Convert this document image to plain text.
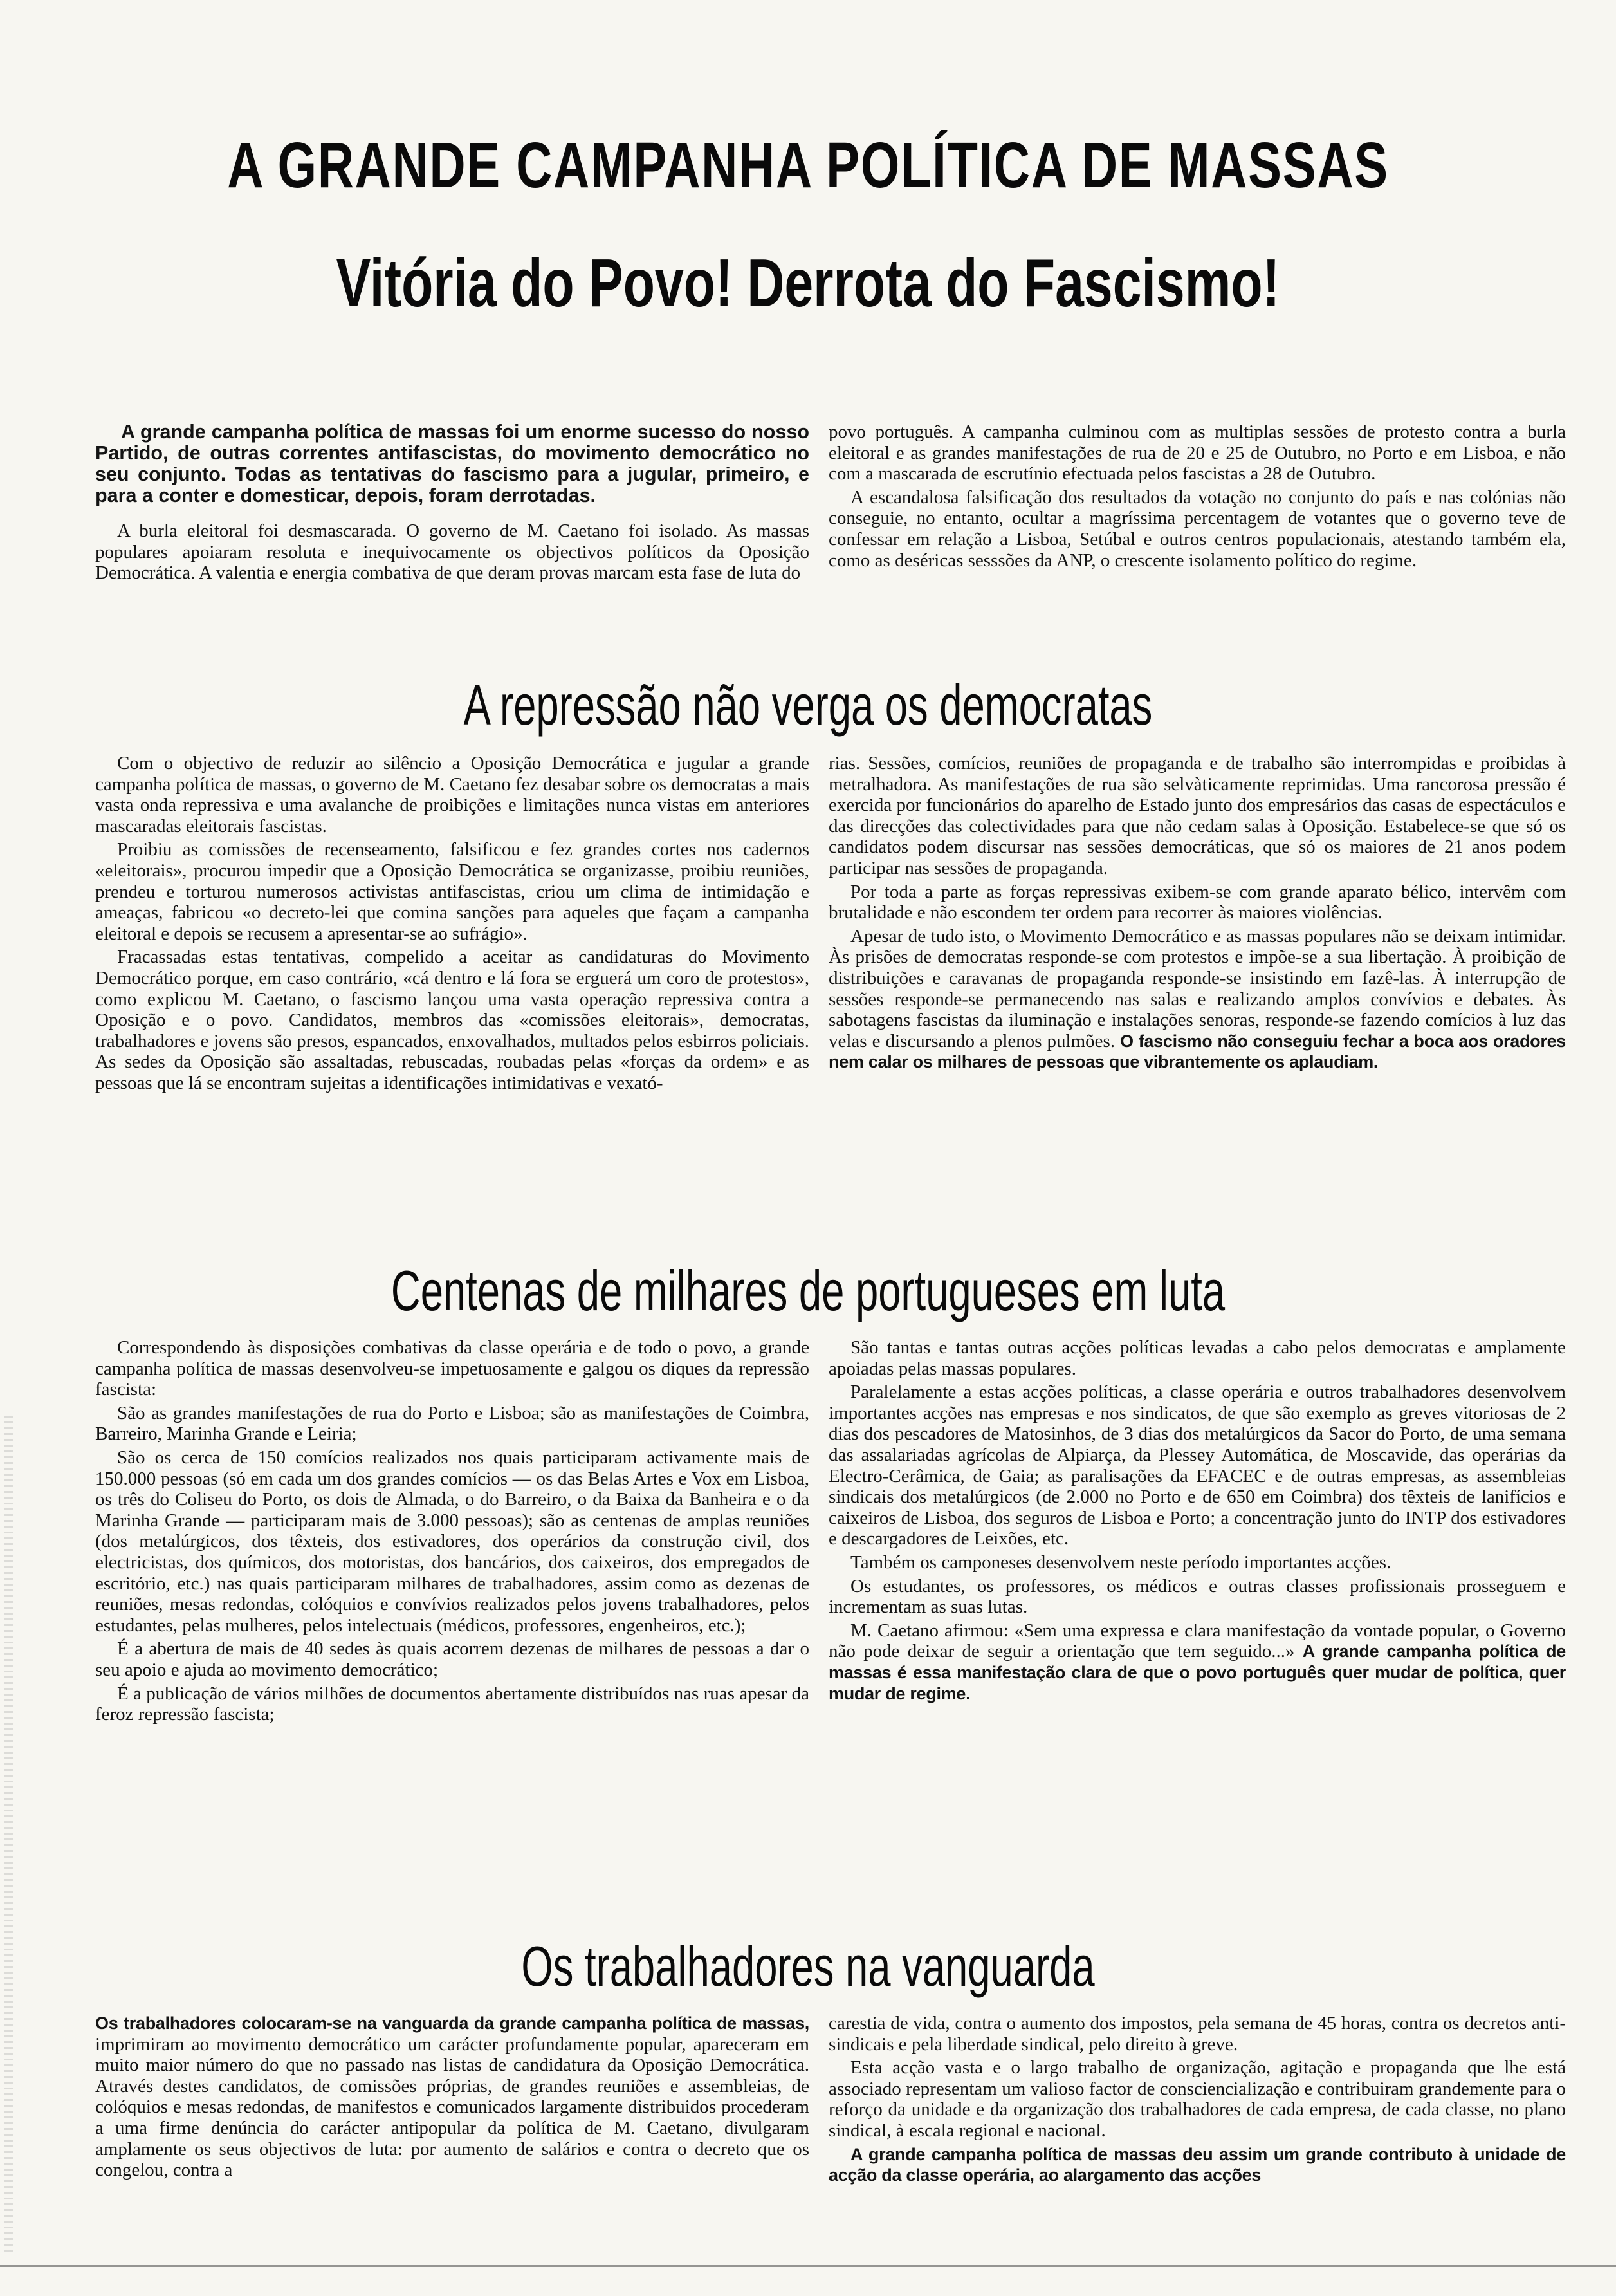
A GRANDE CAMPANHA POLÍTICA DE MASSAS
Vitória do Povo! Derrota do Fascismo!

A grande campanha política de massas foi um enorme sucesso do nosso Partido, de outras correntes antifascistas, do movimento democrático no seu conjunto. Todas as tentativas do fascismo para a jugular, primeiro, e para a conter e domesticar, depois, foram derrotadas.

A burla eleitoral foi desmascarada. O governo de M. Caetano foi isolado. As massas populares apoiaram resoluta e inequivocamente os objectivos políticos da Oposição Democrática. A valentia e energia combativa de que deram provas marcam esta fase de luta do

povo português. A campanha culminou com as multiplas sessões de protesto contra a burla eleitoral e as grandes manifestações de rua de 20 e 25 de Outubro, no Porto e em Lisboa, e não com a mascarada de escrutínio efectuada pelos fascistas a 28 de Outubro.

A escandalosa falsificação dos resultados da votação no conjunto do país e nas colónias não conseguie, no entanto, ocultar a magríssima percentagem de votantes que o governo teve de confessar em relação a Lisboa, Setúbal e outros centros populacionais, atestando também ela, como as deséricas sesssões da ANP, o crescente isolamento político do regime.

A repressão não verga os democratas

Com o objectivo de reduzir ao silêncio a Oposição Democrática e jugular a grande campanha política de massas, o governo de M. Caetano fez desabar sobre os democratas a mais vasta onda repressiva e uma avalanche de proibições e limitações nunca vistas em anteriores mascaradas eleitorais fascistas.

Proibiu as comissões de recenseamento, falsificou e fez grandes cortes nos cadernos «eleitorais», procurou impedir que a Oposição Democrática se organizasse, proibiu reuniões, prendeu e torturou numerosos activistas antifascistas, criou um clima de intimidação e ameaças, fabricou «o decreto-lei que comina sanções para aqueles que façam a campanha eleitoral e depois se recusem a apresentar-se ao sufrágio».

Fracassadas estas tentativas, compelido a aceitar as candidaturas do Movimento Democrático porque, em caso contrário, «cá dentro e lá fora se erguerá um coro de protestos», como explicou M. Caetano, o fascismo lançou uma vasta operação repressiva contra a Oposição e o povo. Candidatos, membros das «comissões eleitorais», democratas, trabalhadores e jovens são presos, espancados, enxovalhados, multados pelos esbirros policiais. As sedes da Oposição são assaltadas, rebuscadas, roubadas pelas «forças da ordem» e as pessoas que lá se encontram sujeitas a identificações intimidativas e vexató-

rias. Sessões, comícios, reuniões de propaganda e de trabalho são interrompidas e proibidas à metralhadora. As manifestações de rua são selvàticamente reprimidas. Uma rancorosa pressão é exercida por funcionários do aparelho de Estado junto dos empresários das casas de espectáculos e das direcções das colectividades para que não cedam salas à Oposição. Estabelece-se que só os candidatos podem discursar nas sessões democráticas, que só os maiores de 21 anos podem participar nas sessões de propaganda.

Por toda a parte as forças repressivas exibem-se com grande aparato bélico, intervêm com brutalidade e não escondem ter ordem para recorrer às maiores violências.

Apesar de tudo isto, o Movimento Democrático e as massas populares não se deixam intimidar. Às prisões de democratas responde-se com protestos e impõe-se a sua libertação. À proibição de distribuições e caravanas de propaganda responde-se insistindo em fazê-las. À interrupção de sessões responde-se permanecendo nas salas e realizando amplos convívios e debates. Às sabotagens fascistas da iluminação e instalações senoras, responde-se fazendo comícios à luz das velas e discursando a plenos pulmões. O fascismo não conseguiu fechar a boca aos oradores nem calar os milhares de pessoas que vibrantemente os aplaudiam.

Centenas de milhares de portugueses em luta

Correspondendo às disposições combativas da classe operária e de todo o povo, a grande campanha política de massas desenvolveu-se impetuosamente e galgou os diques da repressão fascista:

São as grandes manifestações de rua do Porto e Lisboa; são as manifestações de Coimbra, Barreiro, Marinha Grande e Leiria;

São os cerca de 150 comícios realizados nos quais participaram activamente mais de 150.000 pessoas (só em cada um dos grandes comícios — os das Belas Artes e Vox em Lisboa, os três do Coliseu do Porto, os dois de Almada, o do Barreiro, o da Baixa da Banheira e o da Marinha Grande — participaram mais de 3.000 pessoas); são as centenas de amplas reuniões (dos metalúrgicos, dos têxteis, dos estivadores, dos operários da construção civil, dos electricistas, dos químicos, dos motoristas, dos bancários, dos caixeiros, dos empregados de escritório, etc.) nas quais participaram milhares de trabalhadores, assim como as dezenas de reuniões, mesas redondas, colóquios e convívios realizados pelos jovens trabalhadores, pelos estudantes, pelas mulheres, pelos intelectuais (médicos, professores, engenheiros, etc.);

É a abertura de mais de 40 sedes às quais acorrem dezenas de milhares de pessoas a dar o seu apoio e ajuda ao movimento democrático;

É a publicação de vários milhões de documentos abertamente distribuídos nas ruas apesar da feroz repressão fascista;

São tantas e tantas outras acções políticas levadas a cabo pelos democratas e amplamente apoiadas pelas massas populares.

Paralelamente a estas acções políticas, a classe operária e outros trabalhadores desenvolvem importantes acções nas empresas e nos sindicatos, de que são exemplo as greves vitoriosas de 2 dias dos pescadores de Matosinhos, de 3 dias dos metalúrgicos da Sacor do Porto, de uma semana das assalariadas agrícolas de Alpiarça, da Plessey Automática, de Moscavide, das operárias da Electro-Cerâmica, de Gaia; as paralisações da EFACEC e de outras empresas, as assembleias sindicais dos metalúrgicos (de 2.000 no Porto e de 650 em Coimbra) dos têxteis de lanifícios e caixeiros de Lisboa, dos seguros de Lisboa e Porto; a concentração junto do INTP dos estivadores e descargadores de Leixões, etc.

Também os camponeses desenvolvem neste período importantes acções.

Os estudantes, os professores, os médicos e outras classes profissionais prosseguem e incrementam as suas lutas.

M. Caetano afirmou: «Sem uma expressa e clara manifestação da vontade popular, o Governo não pode deixar de seguir a orientação que tem seguido...» A grande campanha política de massas é essa manifestação clara de que o povo português quer mudar de política, quer mudar de regime.

Os trabalhadores na vanguarda

Os trabalhadores colocaram-se na vanguarda da grande campanha política de massas, imprimiram ao movimento democrático um carácter profundamente popular, apareceram em muito maior número do que no passado nas listas de candidatura da Oposição Democrática. Através destes candidatos, de comissões próprias, de grandes reuniões e assembleias, de colóquios e mesas redondas, de manifestos e comunicados largamente distribuidos procederam a uma firme denúncia do carácter antipopular da política de M. Caetano, divulgaram amplamente os seus objectivos de luta: por aumento de salários e contra o decreto que os congelou, contra a

carestia de vida, contra o aumento dos impostos, pela semana de 45 horas, contra os decretos anti-sindicais e pela liberdade sindical, pelo direito à greve.

Esta acção vasta e o largo trabalho de organização, agitação e propaganda que lhe está associado representam um valioso factor de consciencialização e contribuiram grandemente para o reforço da unidade e da organização dos trabalhadores de cada empresa, de cada classe, no plano sindical, à escala regional e nacional.

A grande campanha política de massas deu assim um grande contributo à unidade de acção da classe operária, ao alargamento das acções
